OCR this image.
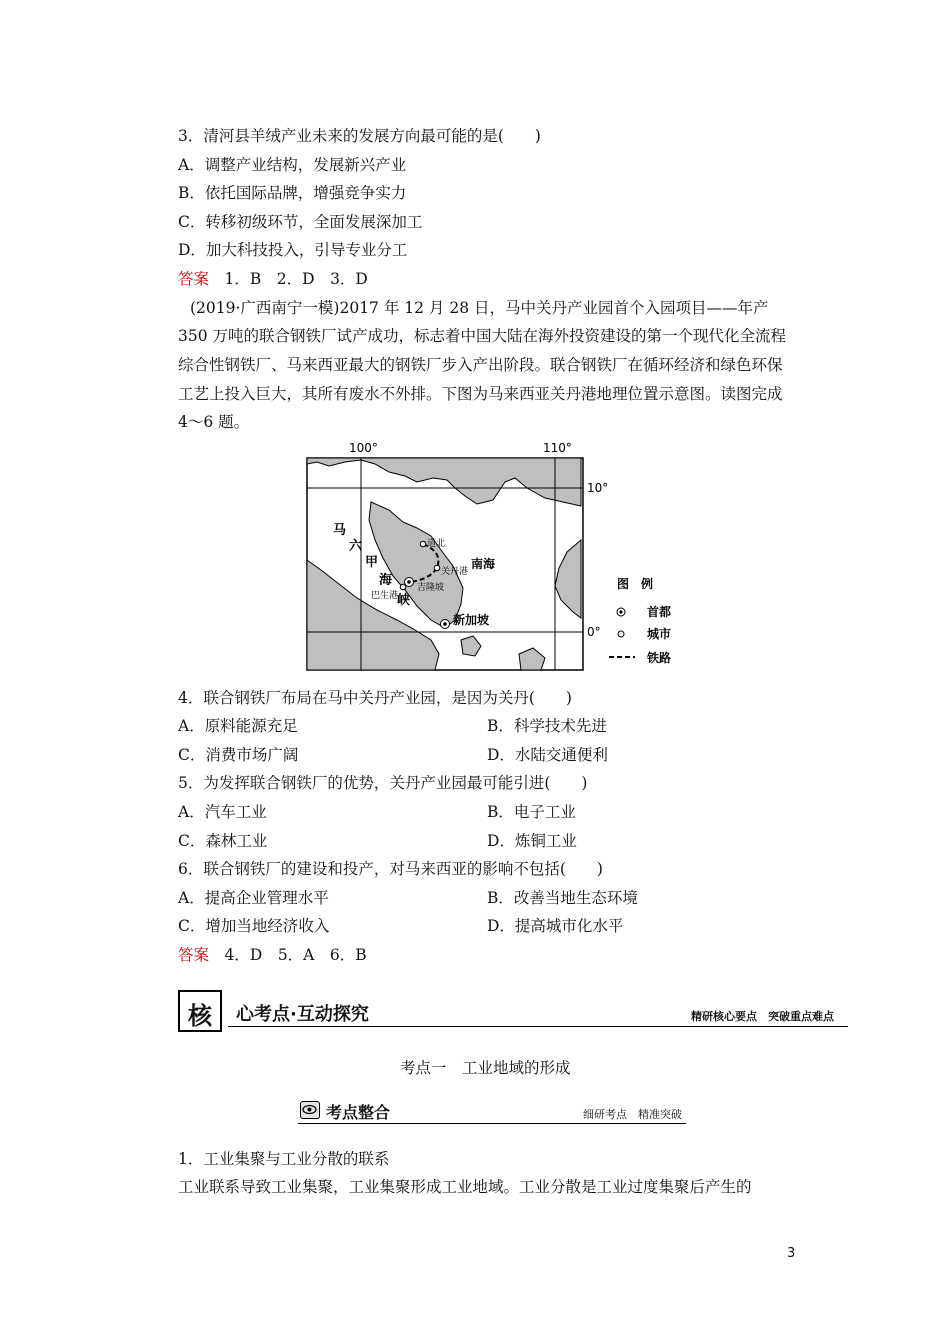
3．清河县羊绒产业未来的发展方向最可能的是(　　)
A．调整产业结构，发展新兴产业
B．依托国际品牌，增强竞争实力
C．转移初级环节，全面发展深加工
D．加大科技投入，引导专业分工
答案　 1．B　2．D　3．D
(2019·广西南宁一模)2017 年 12 月 28 日，马中关丹产业园首个入园项目——年产
350 万吨的联合钢铁厂试产成功，标志着中国大陆在海外投资建设的第一个现代化全流程
综合性钢铁厂、马来西亚最大的钢铁厂步入产出阶段。联合钢铁厂在循环经济和绿色环保
工艺上投入巨大，其所有废水不外排。下图为马来西亚关丹港地理位置示意图。读图完成
4～6 题。
100°	110°
10°
0°
马
六
甲
海
峡
道北
关丹港
南海
巴生港
吉隆坡
新加坡
图　例
首都
城市
铁路
4．联合钢铁厂布局在马中关丹产业园，是因为关丹(　　)
A．原料能源充足	B．科学技术先进
C．消费市场广阔	D．水陆交通便利
5．为发挥联合钢铁厂的优势，关丹产业园最可能引进(　　)
A．汽车工业	B．电子工业
C．森林工业	D．炼铜工业
6．联合钢铁厂的建设和投产，对马来西亚的影响不包括(　　)
A．提高企业管理水平	B．改善当地生态环境
C．增加当地经济收入	D．提高城市化水平
答案　 4．D　5．A　6．B
核	心考点·互动探究	精研核心要点　突破重点难点
考点一　工业地域的形成
考点整合	细研考点　精准突破
1．工业集聚与工业分散的联系
工业联系导致工业集聚，工业集聚形成工业地域。工业分散是工业过度集聚后产生的
3
